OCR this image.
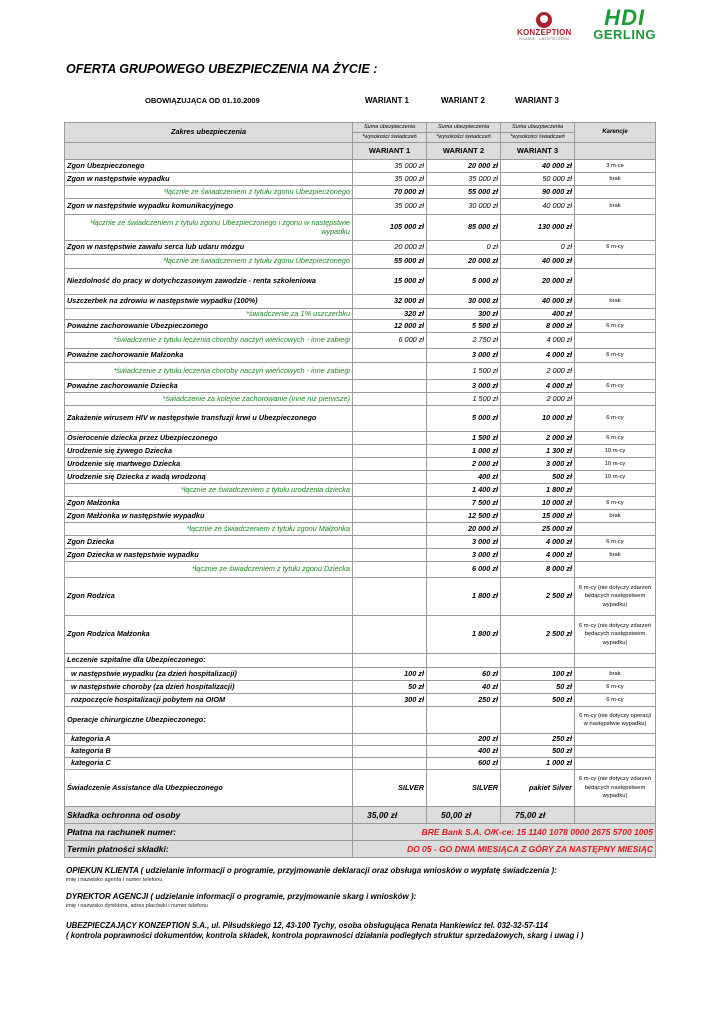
KONZEPTION
FINANSE · UBEZPIECZENIA
HDI
GERLING
OFERTA GRUPOWEGO UBEZPIECZENIA NA ŻYCIE :
OBOWIĄZUJĄCA OD 01.10.2009	WARIANT 1	WARIANT 2	WARIANT 3
Zakres ubezpieczenia	Suma ubezpieczenia	Suma ubezpieczenia	Suma ubezpieczenia	Karencje
	*wysokości świadczeń	*wysokości świadczeń	*wysokości świadczeń	
	WARIANT 1	WARIANT 2	WARIANT 3	
Zgon Ubezpieczonego	35 000 zł	20 000 zł	40 000 zł	3 m-ce
Zgon w następstwie wypadku	35 000 zł	35 000 zł	50 000 zł	brak
*łącznie ze świadczeniem z tytułu zgonu Ubezpieczonego	70 000 zł	55 000 zł	90 000 zł	
Zgon w następstwie wypadku komunikacyjnego	35 000 zł	30 000 zł	40 000 zł	brak
*łącznie ze świadczeniem z tytułu zgonu Ubezpieczonego i zgonu w następstwie wypadku	105 000 zł	85 000 zł	130 000 zł	
Zgon w następstwie zawału serca lub udaru mózgu	20 000 zł	0 zł	0 zł	6 m-cy
*łącznie ze świadczeniem z tytułu zgonu Ubezpieczonego	55 000 zł	20 000 zł	40 000 zł	
Niezdolność do pracy w dotychczasowym zawodzie - renta szkoleniowa	15 000 zł	5 000 zł	20 000 zł	
Uszczerbek na zdrowiu w następstwie wypadku (100%)	32 000 zł	30 000 zł	40 000 zł	brak
*świadczenie za 1% uszczerbku	320 zł	300 zł	400 zł	
Poważne zachorowanie Ubezpieczonego	12 000 zł	5 500 zł	8 000 zł	6 m-cy
*świadczenie z tytułu leczenia choroby naczyń wieńcowych - inne zabiegi	6 000 zł	2 750 zł	4 000 zł	
Poważne zachorowanie Małżonka		3 000 zł	4 000 zł	6 m-cy
*świadczenie z tytułu leczenia choroby naczyń wieńcowych - inne zabiegi		1 500 zł	2 000 zł	
Poważne zachorowanie Dziecka		3 000 zł	4 000 zł	6 m-cy
*świadczenie za kolejne zachorowanie (inne niż pierwsze)		1 500 zł	2 000 zł	
Zakażenie wirusem HIV w następstwie transfuzji krwi u Ubezpieczonego		5 000 zł	10 000 zł	6 m-cy
Osierocenie dziecka przez Ubezpieczonego		1 500 zł	2 000 zł	6 m-cy
Urodzenie się żywego Dziecka		1 000 zł	1 300 zł	10 m-cy
Urodzenie się martwego Dziecka		2 000 zł	3 000 zł	10 m-cy
Urodzenie się Dziecka z wadą wrodzoną		400 zł	500 zł	10 m-cy
*łącznie ze świadczeniem z tytułu urodzenia dziecka		1 400 zł	1 800 zł	
Zgon Małżonka		7 500 zł	10 000 zł	6 m-cy
Zgon Małżonka w następstwie wypadku		12 500 zł	15 000 zł	brak
*łącznie ze świadczeniem z tytułu zgonu Małżonka		20 000 zł	25 000 zł	
Zgon Dziecka		3 000 zł	4 000 zł	6 m-cy
Zgon Dziecka w następstwie wypadku		3 000 zł	4 000 zł	brak
*łącznie ze świadczeniem z tytułu zgonu Dziecka		6 000 zł	8 000 zł	
Zgon Rodzica		1 800 zł	2 500 zł	6 m-cy (nie dotyczy zdarzeń będących następstwem wypadku)
Zgon Rodzica Małżonka		1 800 zł	2 500 zł	6 m-cy (nie dotyczy zdarzeń będących następstwem wypadku)
Leczenie szpitalne dla Ubezpieczonego:				
w następstwie wypadku (za dzień hospitalizacji)	100 zł	60 zł	100 zł	brak
w następstwie choroby (za dzień hospitalizacji)	50 zł	40 zł	50 zł	6 m-cy
rozpoczęcie hospitalizacji pobytem na OIOM	300 zł	250 zł	500 zł	6 m-cy
Operacje chirurgiczne Ubezpieczonego:				6 m-cy (nie dotyczy operacji w następstwie wypadku)
kategoria A		200 zł	250 zł	
kategoria B		400 zł	500 zł	
kategoria C		600 zł	1 000 zł	
Świadczenie Assistance dla Ubezpieczonego	SILVER	SILVER	pakiet Silver	6 m-cy (nie dotyczy zdarzeń będących następstwem wypadku)
Składka ochronna od osoby	35,00 zł	50,00 zł	75,00 zł	
Płatna na rachunek numer:	BRE Bank S.A. O/K-ce: 15 1140 1078 0000 2675 5700 1005			
Termin płatności składki:	DO 05 - GO DNIA MIESIĄCA Z GÓRY ZA NASTĘPNY MIESIĄC			
OPIEKUN KLIENTA ( udzielanie informacji o programie, przyjmowanie deklaracji oraz obsługa wniosków o wypłatę świadczenia ):
imię i nazwisko agenta i numer telefonu
DYREKTOR AGENCJI ( udzielanie informacji o programie, przyjmowanie skarg i wniosków ):
imię i nazwisko dyrektora, adres placówki i numer telefonu
UBEZPIECZAJĄCY KONZEPTION S.A., ul. Piłsudskiego 12, 43-100 Tychy, osoba obsługująca Renata Hankiewicz tel. 032-32-57-114
( kontrola poprawności dokumentów, kontrola składek, kontrola poprawności działania podległych struktur sprzedażowych, skarg i uwag i )
